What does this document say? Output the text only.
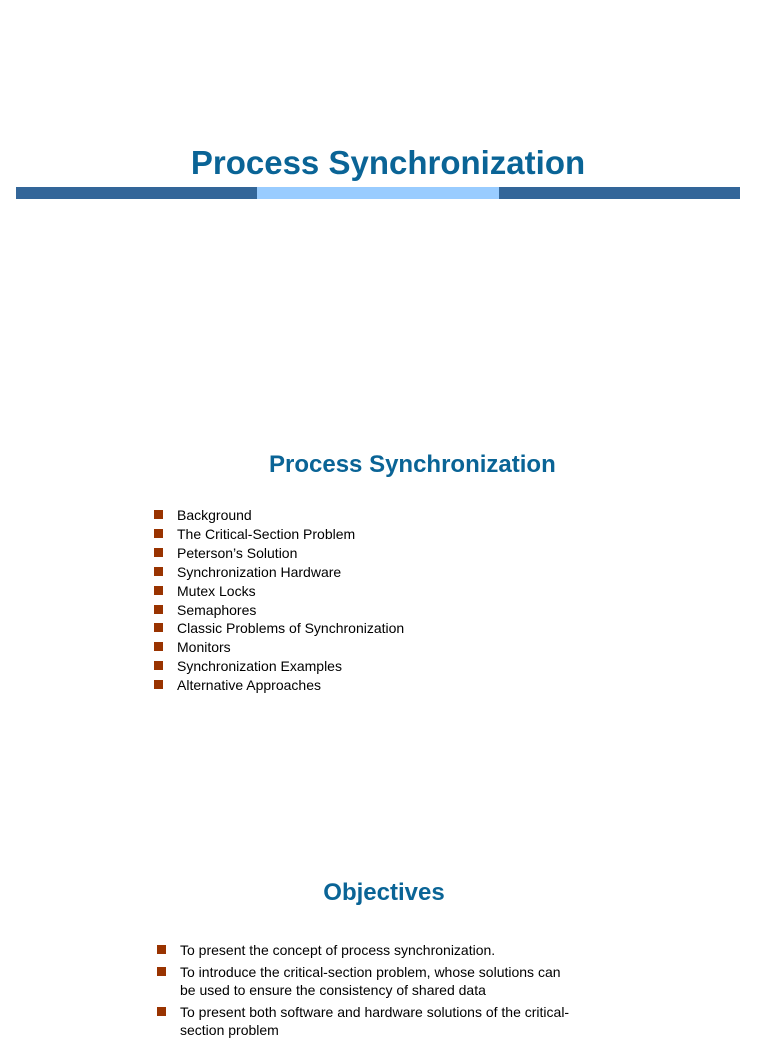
Process Synchronization
Process Synchronization
Background
The Critical-Section Problem
Peterson’s Solution
Synchronization Hardware
Mutex Locks
Semaphores
Classic Problems of Synchronization
Monitors
Synchronization Examples
Alternative Approaches
Objectives
To present the concept of process synchronization.
To introduce the critical-section problem, whose solutions can be used to ensure the consistency of shared data
To present both software and hardware solutions of the critical-section problem
